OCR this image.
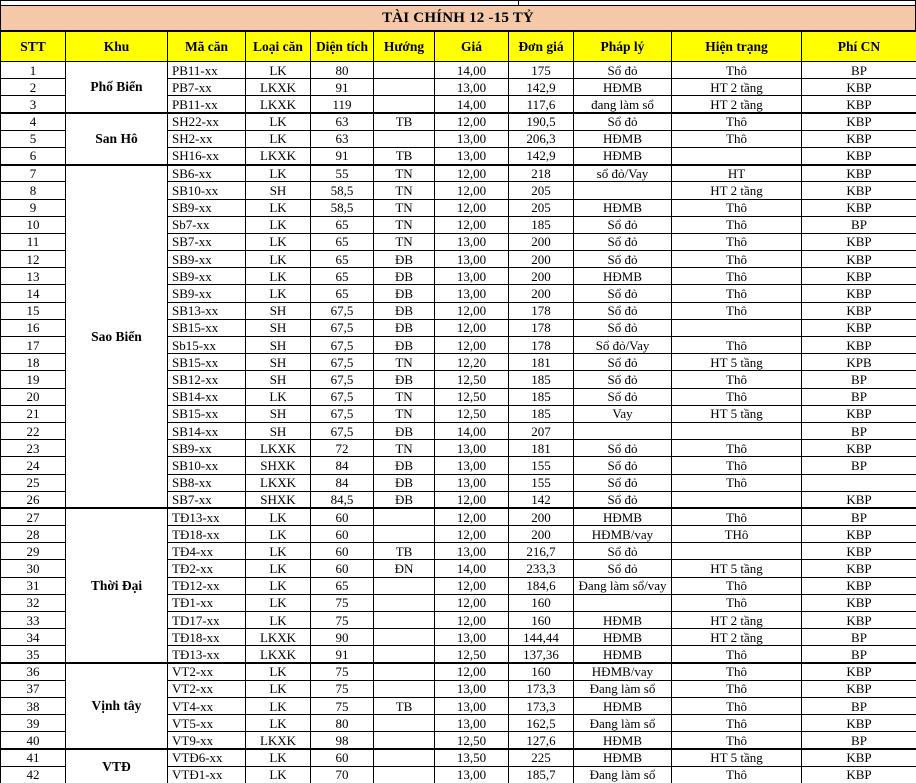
TÀI CHÍNH 12 -15 TỶ
STT	Khu	Mã căn	Loại căn	Diện tích	Hướng	Giá	Đơn giá	Pháp lý	Hiện trạng	Phí CN
1	Phố Biển	PB11-xx	LK	80		14,00	175	Sổ đỏ	Thô	BP
2		PB7-xx	LKXK	91		13,00	142,9	HĐMB	HT 2 tầng	KBP
3		PB11-xx	LKXK	119		14,00	117,6	đang làm sổ	HT 2 tầng	KBP
4	San Hô	SH22-xx	LK	63	TB	12,00	190,5	Sổ đỏ	Thô	KBP
5		SH2-xx	LK	63		13,00	206,3	HĐMB	Thô	KBP
6		SH16-xx	LKXK	91	TB	13,00	142,9	HĐMB		KBP
7	Sao Biển	SB6-xx	LK	55	TN	12,00	218	sổ đỏ/Vay	HT	KBP
8		SB10-xx	SH	58,5	TN	12,00	205		HT 2 tầng	KBP
9		SB9-xx	LK	58,5	TN	12,00	205	HĐMB	Thô	KBP
10		Sb7-xx	LK	65	TN	12,00	185	Sổ đỏ	Thô	BP
11		SB7-xx	LK	65	TN	13,00	200	Sổ đỏ	Thô	KBP
12		SB9-xx	LK	65	ĐB	13,00	200	Sổ đỏ	Thô	KBP
13		SB9-xx	LK	65	ĐB	13,00	200	HĐMB	Thô	KBP
14		SB9-xx	LK	65	ĐB	13,00	200	Sổ đỏ	Thô	KBP
15		SB13-xx	SH	67,5	ĐB	12,00	178	Sổ đỏ	Thô	KBP
16		SB15-xx	SH	67,5	ĐB	12,00	178	Sổ đỏ		KBP
17		Sb15-xx	SH	67,5	ĐB	12,00	178	Sổ đỏ/Vay	Thô	KBP
18		SB15-xx	SH	67,5	TN	12,20	181	Sổ đỏ	HT 5 tầng	KPB
19		SB12-xx	SH	67,5	ĐB	12,50	185	Sổ đỏ	Thô	BP
20		SB14-xx	LK	67,5	TN	12,50	185	Sổ đỏ	Thô	BP
21		SB15-xx	SH	67,5	TN	12,50	185	Vay	HT 5 tầng	KBP
22		SB14-xx	SH	67,5	ĐB	14,00	207			BP
23		SB9-xx	LKXK	72	TN	13,00	181	Sổ đỏ	Thô	KBP
24		SB10-xx	SHXK	84	ĐB	13,00	155	Sổ đỏ	Thô	BP
25		SB8-xx	LKXK	84	ĐB	13,00	155	Sổ đỏ	Thô	
26		SB7-xx	SHXK	84,5	ĐB	12,00	142	Sổ đỏ		KBP
27	Thời Đại	TĐ13-xx	LK	60		12,00	200	HĐMB	Thô	BP
28		TĐ18-xx	LK	60		12,00	200	HĐMB/vay	THô	KBP
29		TĐ4-xx	LK	60	TB	13,00	216,7	Sổ đỏ		KBP
30		TĐ2-xx	LK	60	ĐN	14,00	233,3	Sổ đỏ	HT 5 tầng	KBP
31		TĐ12-xx	LK	65		12,00	184,6	Đang làm sổ/vay	Thô	KBP
32		TĐ1-xx	LK	75		12,00	160		Thô	KBP
33		TD17-xx	LK	75		12,00	160	HĐMB	HT 2 tầng	KBP
34		TĐ18-xx	LKXK	90		13,00	144,44	HĐMB	HT 2 tầng	BP
35		TĐ13-xx	LKXK	91		12,50	137,36	HĐMB	Thô	BP
36	Vịnh tây	VT2-xx	LK	75		12,00	160	HĐMB/vay	Thô	KBP
37		VT2-xx	LK	75		13,00	173,3	Đang làm sổ	Thô	KBP
38		VT4-xx	LK	75	TB	13,00	173,3	HĐMB	Thô	BP
39		VT5-xx	LK	80		13,00	162,5	Đang làm sổ	Thô	KBP
40		VT9-xx	LKXK	98		12,50	127,6	HĐMB	Thô	BP
41	VTĐ	VTĐ6-xx	LK	60		13,50	225	HĐMB	HT 5 tầng	KBP
42		VTĐ1-xx	LK	70		13,00	185,7	Đang làm sổ	Thô	KBP
